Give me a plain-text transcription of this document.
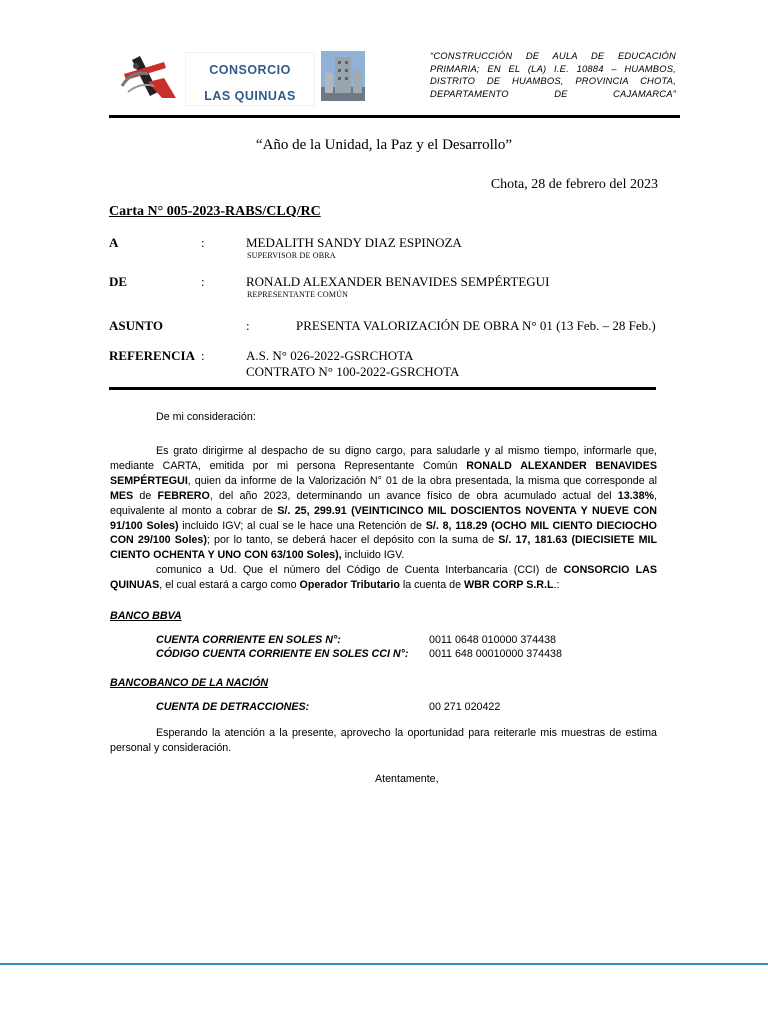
CONSORCIO
LAS QUINUAS
“CONSTRUCCIÓN DE AULA DE EDUCACIÓN PRIMARIA; EN EL (LA) I.E. 10884 – HUAMBOS, DISTRITO DE HUAMBOS, PROVINCIA CHOTA, DEPARTAMENTO DE CAJAMARCA”
“Año de la Unidad, la Paz y el Desarrollo”
Chota, 28 de febrero del 2023
Carta N° 005-2023-RABS/CLQ/RC
A	:	MEDALITH SANDY DIAZ ESPINOZA
SUPERVISOR DE OBRA
DE	:	RONALD ALEXANDER BENAVIDES SEMPÉRTEGUI
REPRESENTANTE COMÚN
ASUNTO	:	PRESENTA VALORIZACIÓN DE OBRA N° 01 (13 Feb. – 28 Feb.)
REFERENCIA :	A.S. N° 026-2022-GSRCHOTA
CONTRATO N° 100-2022-GSRCHOTA
De mi consideración:
Es grato dirigirme al despacho de su digno cargo, para saludarle y al mismo tiempo, informarle que, mediante CARTA, emitida por mi persona Representante Común RONALD ALEXANDER BENAVIDES SEMPÉRTEGUI, quien da informe de la Valorización N° 01 de la obra presentada, la misma que corresponde al MES de FEBRERO, del año 2023, determinando un avance físico de obra acumulado actual del 13.38%, equivalente al monto a cobrar de S/. 25, 299.91 (VEINTICINCO MIL DOSCIENTOS NOVENTA Y NUEVE CON 91/100 Soles) incluido IGV; al cual se le hace una Retención de S/. 8, 118.29 (OCHO MIL CIENTO DIECIOCHO CON 29/100 Soles); por lo tanto, se deberá hacer el depósito con la suma de S/. 17, 181.63 (DIECISIETE MIL CIENTO OCHENTA Y UNO CON 63/100 Soles), incluido IGV.
comunico a Ud. Que el número del Código de Cuenta Interbancaria (CCI) de CONSORCIO LAS QUINUAS, el cual estará a cargo como Operador Tributario la cuenta de WBR CORP S.R.L.:
BANCO BBVA
CUENTA CORRIENTE EN SOLES N°:	0011 0648 010000 374438
CÓDIGO CUENTA CORRIENTE EN SOLES CCI N°: 0011 648 00010000 374438
BANCOBANCO DE LA NACIÓN
CUENTA DE DETRACCIONES:	00 271 020422
Esperando la atención a la presente, aprovecho la oportunidad para reiterarle mis muestras de estima personal y consideración.
Atentamente,
